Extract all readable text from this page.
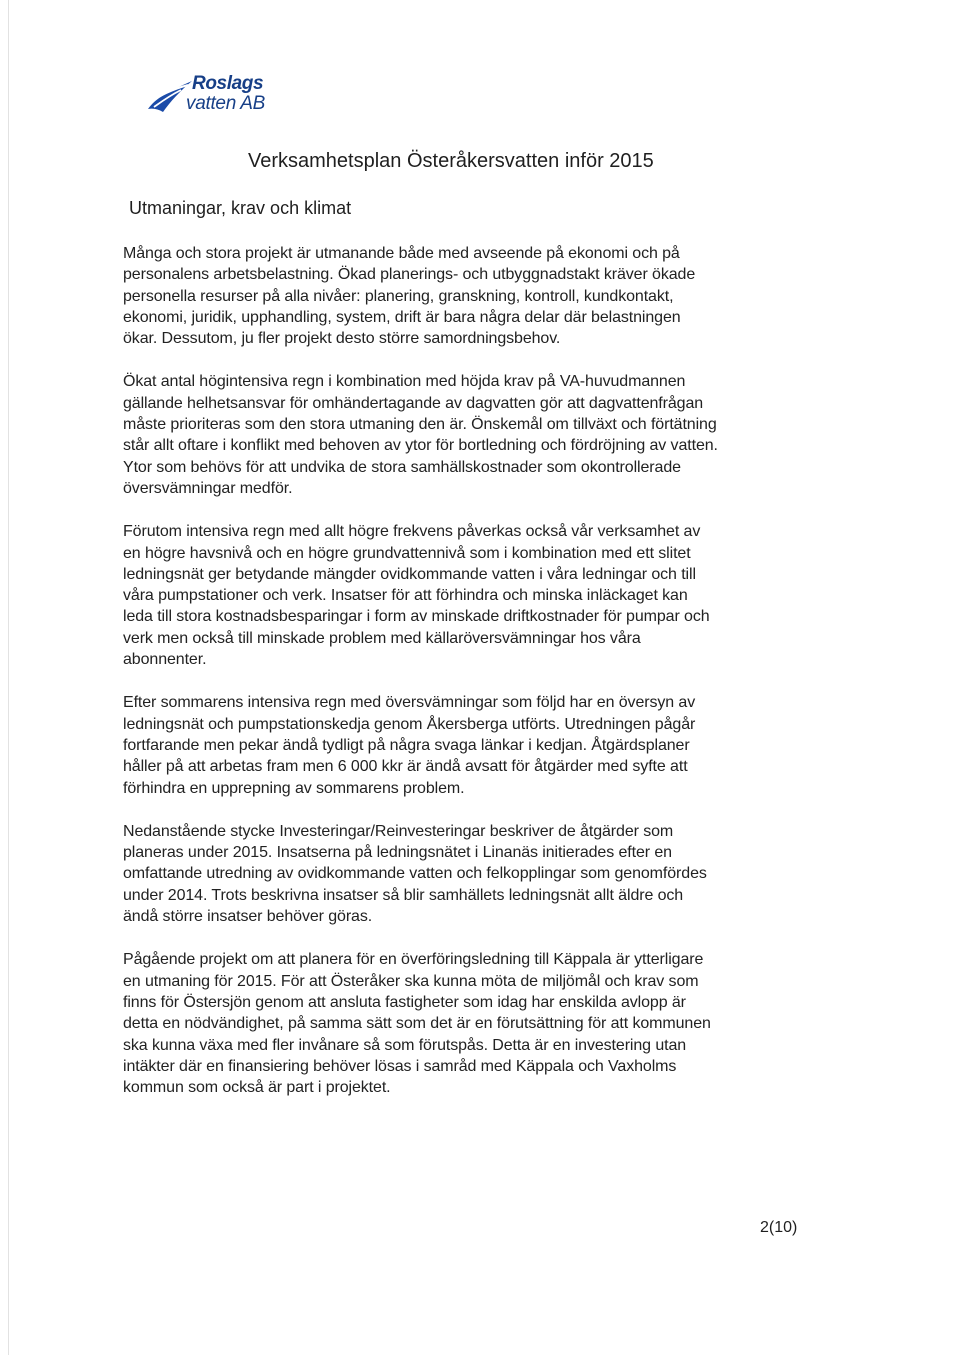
Roslags
vatten AB
Verksamhetsplan Österåkersvatten inför 2015
Utmaningar, krav och klimat

Många och stora projekt är utmanande både med avseende på ekonomi och på
personalens arbetsbelastning. Ökad planerings- och utbyggnadstakt kräver ökade
personella resurser på alla nivåer: planering, granskning, kontroll, kundkontakt,
ekonomi, juridik, upphandling, system, drift är bara några delar där belastningen
ökar. Dessutom, ju fler projekt desto större samordningsbehov.

Ökat antal högintensiva regn i kombination med höjda krav på VA-huvudmannen
gällande helhetsansvar för omhändertagande av dagvatten gör att dagvattenfrågan
måste prioriteras som den stora utmaning den är. Önskemål om tillväxt och förtätning
står allt oftare i konflikt med behoven av ytor för bortledning och fördröjning av vatten.
Ytor som behövs för att undvika de stora samhällskostnader som okontrollerade
översvämningar medför.

Förutom intensiva regn med allt högre frekvens påverkas också vår verksamhet av
en högre havsnivå och en högre grundvattennivå som i kombination med ett slitet
ledningsnät ger betydande mängder ovidkommande vatten i våra ledningar och till
våra pumpstationer och verk. Insatser för att förhindra och minska inläckaget kan
leda till stora kostnadsbesparingar i form av minskade driftkostnader för pumpar och
verk men också till minskade problem med källaröversvämningar hos våra
abonnenter.

Efter sommarens intensiva regn med översvämningar som följd har en översyn av
ledningsnät och pumpstationskedja genom Åkersberga utförts. Utredningen pågår
fortfarande men pekar ändå tydligt på några svaga länkar i kedjan. Åtgärdsplaner
håller på att arbetas fram men 6 000 kkr är ändå avsatt för åtgärder med syfte att
förhindra en upprepning av sommarens problem.

Nedanstående stycke Investeringar/Reinvesteringar beskriver de åtgärder som
planeras under 2015. Insatserna på ledningsnätet i Linanäs initierades efter en
omfattande utredning av ovidkommande vatten och felkopplingar som genomfördes
under 2014. Trots beskrivna insatser så blir samhällets ledningsnät allt äldre och
ändå större insatser behöver göras.

Pågående projekt om att planera för en överföringsledning till Käppala är ytterligare
en utmaning för 2015. För att Österåker ska kunna möta de miljömål och krav som
finns för Östersjön genom att ansluta fastigheter som idag har enskilda avlopp är
detta en nödvändighet, på samma sätt som det är en förutsättning för att kommunen
ska kunna växa med fler invånare så som förutspås. Detta är en investering utan
intäkter där en finansiering behöver lösas i samråd med Käppala och Vaxholms
kommun som också är part i projektet.

2(10)
